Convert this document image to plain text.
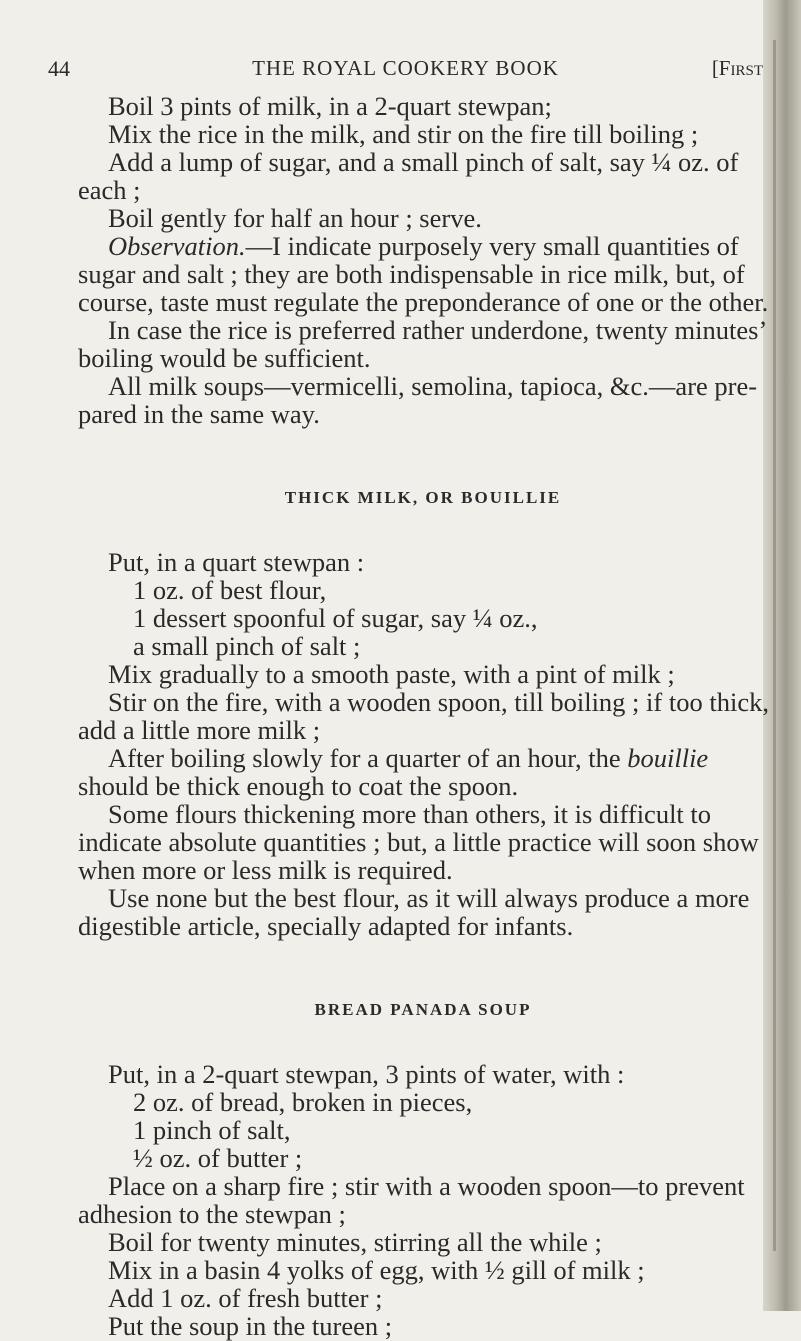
44	THE ROYAL COOKERY BOOK	[First

Boil 3 pints of milk, in a 2-quart stewpan;

Mix the rice in the milk, and stir on the fire till boiling ;

Add a lump of sugar, and a small pinch of salt, say ¼ oz. of

each ;

Boil gently for half an hour ; serve.

Observation.—I indicate purposely very small quantities of

sugar and salt ; they are both indispensable in rice milk, but, of

course, taste must regulate the preponderance of one or the other.

In case the rice is preferred rather underdone, twenty minutes’

boiling would be sufficient.

All milk soups—vermicelli, semolina, tapioca, &c.—are pre-

pared in the same way.

THICK MILK, OR BOUILLIE

Put, in a quart stewpan :

1 oz. of best flour,

1 dessert spoonful of sugar, say ¼ oz.,

a small pinch of salt ;

Mix gradually to a smooth paste, with a pint of milk ;

Stir on the fire, with a wooden spoon, till boiling ; if too thick,

add a little more milk ;

After boiling slowly for a quarter of an hour, the bouillie

should be thick enough to coat the spoon.

Some flours thickening more than others, it is difficult to

indicate absolute quantities ; but, a little practice will soon show

when more or less milk is required.

Use none but the best flour, as it will always produce a more

digestible article, specially adapted for infants.

BREAD PANADA SOUP

Put, in a 2-quart stewpan, 3 pints of water, with :

2 oz. of bread, broken in pieces,

1 pinch of salt,

½ oz. of butter ;

Place on a sharp fire ; stir with a wooden spoon—to prevent

adhesion to the stewpan ;

Boil for twenty minutes, stirring all the while ;

Mix in a basin 4 yolks of egg, with ½ gill of milk ;

Add 1 oz. of fresh butter ;

Put the soup in the tureen ;
